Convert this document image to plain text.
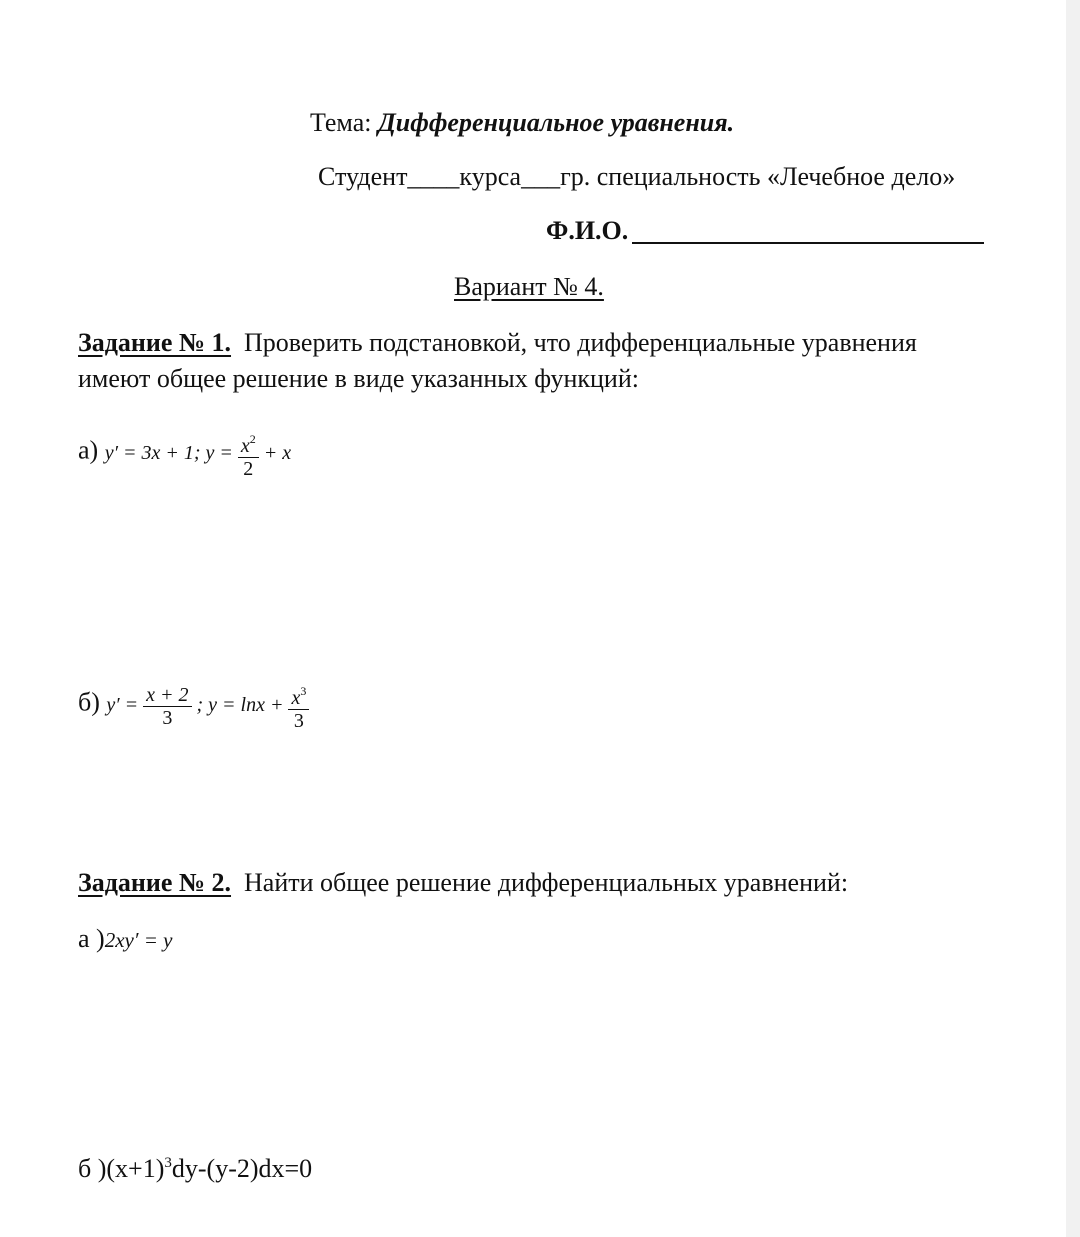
Тема: Дифференциальное уравнения.
Студент____курса___гр. специальность «Лечебное дело»
Ф.И.О.
Вариант № 4.
Задание № 1. Проверить подстановкой, что дифференциальные уравнения
имеют общее решение в виде указанных функций:
а) y′ = 3x + 1; $y = \frac{x^2}{2} + x$
б) $y' = \frac{x + 2}{3}$ ; $y = \ln x + \frac{x^3}{3}$
Задание № 2. Найти общее решение дифференциальных уравнений:
а )2xy′ = y
б )$(x+1)^3dy-(y-2)dx=0$
